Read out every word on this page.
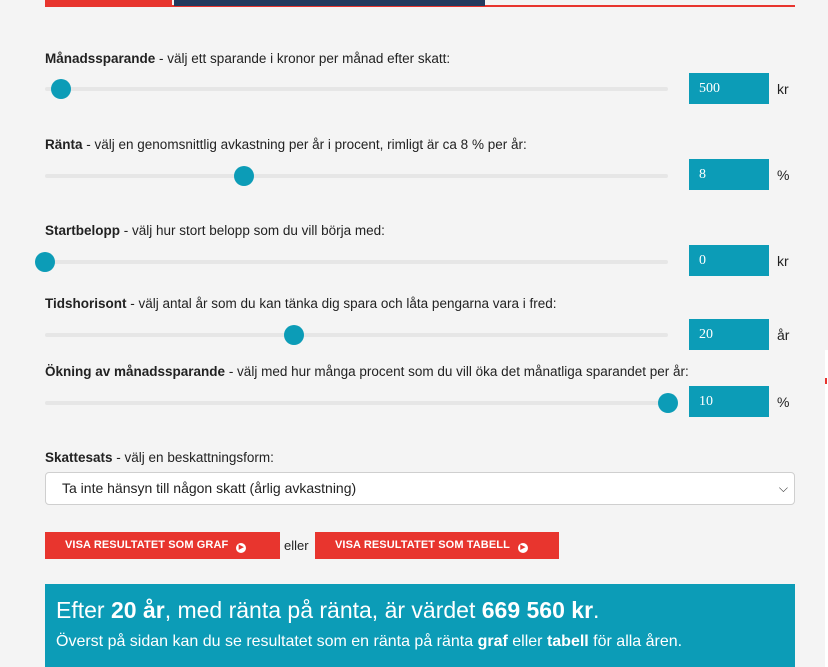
Månadssparande - välj ett sparande i kronor per månad efter skatt:
500	kr
Ränta - välj en genomsnittlig avkastning per år i procent, rimligt är ca 8 % per år:
8	%
Startbelopp - välj hur stort belopp som du vill börja med:
0	kr
Tidshorisont - välj antal år som du kan tänka dig spara och låta pengarna vara i fred:
20	år
Ökning av månadssparande - välj med hur många procent som du vill öka det månatliga sparandet per år:
10	%
Skattesats - välj en beskattningsform:
Ta inte hänsyn till någon skatt (årlig avkastning)	⌵
VISA RESULTATET SOM GRAF ▶	eller	VISA RESULTATET SOM TABELL ▶
Efter 20 år, med ränta på ränta, är värdet 669 560 kr.
Överst på sidan kan du se resultatet som en ränta på ränta graf eller tabell för alla åren.
